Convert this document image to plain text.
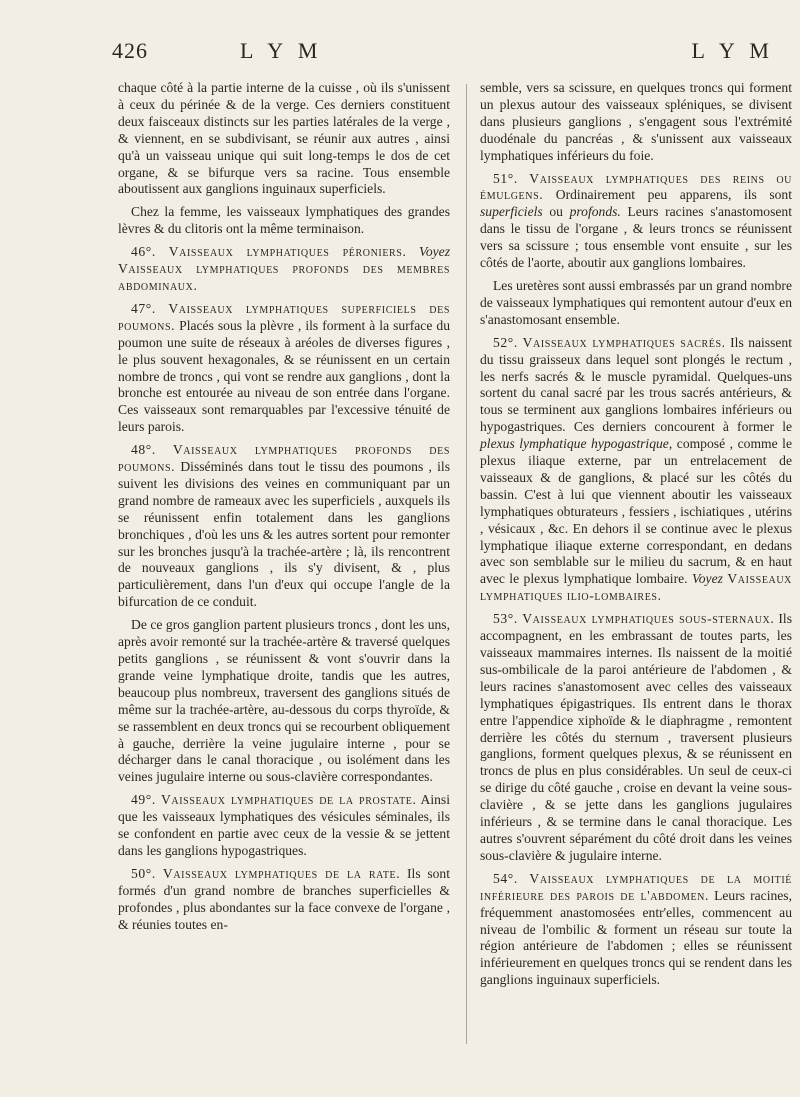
426	L Y M	L Y M

chaque côté à la partie interne de la cuisse , où ils s'unissent à ceux du périnée & de la verge. Ces derniers constituent deux faisceaux distincts sur les parties latérales de la verge , & viennent, en se subdivisant, se réunir aux autres , ainsi qu'à un vaisseau unique qui suit long-temps le dos de cet organe, & se bifurque vers sa racine. Tous ensemble aboutissent aux ganglions inguinaux superficiels.

Chez la femme, les vaisseaux lymphatiques des grandes lèvres & du clitoris ont la même terminaison.

46°. Vaisseaux lymphatiques péroniers. Voyez Vaisseaux lymphatiques profonds des membres abdominaux.

47°. Vaisseaux lymphatiques superficiels des poumons. Placés sous la plèvre , ils forment à la surface du poumon une suite de réseaux à aréoles de diverses figures , le plus souvent hexagonales, & se réunissent en un certain nombre de troncs , qui vont se rendre aux ganglions , dont la bronche est entourée au niveau de son entrée dans l'organe. Ces vaisseaux sont remarquables par l'excessive ténuité de leurs parois.

48°. Vaisseaux lymphatiques profonds des poumons. Disséminés dans tout le tissu des poumons , ils suivent les divisions des veines en communiquant par un grand nombre de rameaux avec les superficiels , auxquels ils se réunissent enfin totalement dans les ganglions bronchiques , d'où les uns & les autres sortent pour remonter sur les bronches jusqu'à la trachée-artère ; là, ils rencontrent de nouveaux ganglions , ils s'y divisent, & , plus particulièrement, dans l'un d'eux qui occupe l'angle de la bifurcation de ce conduit.

De ce gros ganglion partent plusieurs troncs , dont les uns, après avoir remonté sur la trachée-artère & traversé quelques petits ganglions , se réunissent & vont s'ouvrir dans la grande veine lymphatique droite, tandis que les autres, beaucoup plus nombreux, traversent des ganglions situés de même sur la trachée-artère, au-dessous du corps thyroïde, & se rassemblent en deux troncs qui se recourbent obliquement à gauche, derrière la veine jugulaire interne , pour se décharger dans le canal thoracique , ou isolément dans les veines jugulaire interne ou sous-clavière correspondantes.

49°. Vaisseaux lymphatiques de la prostate. Ainsi que les vaisseaux lymphatiques des vésicules séminales, ils se confondent en partie avec ceux de la vessie & se jettent dans les ganglions hypogastriques.

50°. Vaisseaux lymphatiques de la rate. Ils sont formés d'un grand nombre de branches superficielles & profondes , plus abondantes sur la face convexe de l'organe , & réunies toutes en-

semble, vers sa scissure, en quelques troncs qui forment un plexus autour des vaisseaux spléniques, se divisent dans plusieurs ganglions , s'engagent sous l'extrémité duodénale du pancréas , & s'unissent aux vaisseaux lymphatiques inférieurs du foie.

51°. Vaisseaux lymphatiques des reins ou émulgens. Ordinairement peu apparens, ils sont superficiels ou profonds. Leurs racines s'anastomosent dans le tissu de l'organe , & leurs troncs se réunissent vers sa scissure ; tous ensemble vont ensuite , sur les côtés de l'aorte, aboutir aux ganglions lombaires.

Les uretères sont aussi embrassés par un grand nombre de vaisseaux lymphatiques qui remontent autour d'eux en s'anastomosant ensemble.

52°. Vaisseaux lymphatiques sacrés. Ils naissent du tissu graisseux dans lequel sont plongés le rectum , les nerfs sacrés & le muscle pyramidal. Quelques-uns sortent du canal sacré par les trous sacrés antérieurs, & tous se terminent aux ganglions lombaires inférieurs ou hypogastriques. Ces derniers concourent à former le plexus lymphatique hypogastrique, composé , comme le plexus iliaque externe, par un entrelacement de vaisseaux & de ganglions, & placé sur les côtés du bassin. C'est à lui que viennent aboutir les vaisseaux lymphatiques obturateurs , fessiers , ischiatiques , utérins , vésicaux , &c. En dehors il se continue avec le plexus lymphatique iliaque externe correspondant, en dedans avec son semblable sur le milieu du sacrum, & en haut avec le plexus lymphatique lombaire. Voyez Vaisseaux lymphatiques ilio-lombaires.

53°. Vaisseaux lymphatiques sous-sternaux. Ils accompagnent, en les embrassant de toutes parts, les vaisseaux mammaires internes. Ils naissent de la moitié sus-ombilicale de la paroi antérieure de l'abdomen , & leurs racines s'anastomosent avec celles des vaisseaux lymphatiques épigastriques. Ils entrent dans le thorax entre l'appendice xiphoïde & le diaphragme , remontent derrière les côtés du sternum , traversent plusieurs ganglions, forment quelques plexus, & se réunissent en troncs de plus en plus considérables. Un seul de ceux-ci se dirige du côté gauche , croise en devant la veine sous-clavière , & se jette dans les ganglions jugulaires inférieurs , & se termine dans le canal thoracique. Les autres s'ouvrent séparément du côté droit dans les veines sous-clavière & jugulaire interne.

54°. Vaisseaux lymphatiques de la moitié inférieure des parois de l'abdomen. Leurs racines, fréquemment anastomosées entr'elles, commencent au niveau de l'ombilic & forment un réseau sur toute la région antérieure de l'abdomen ; elles se réunissent inférieurement en quelques troncs qui se rendent dans les ganglions inguinaux superficiels.
